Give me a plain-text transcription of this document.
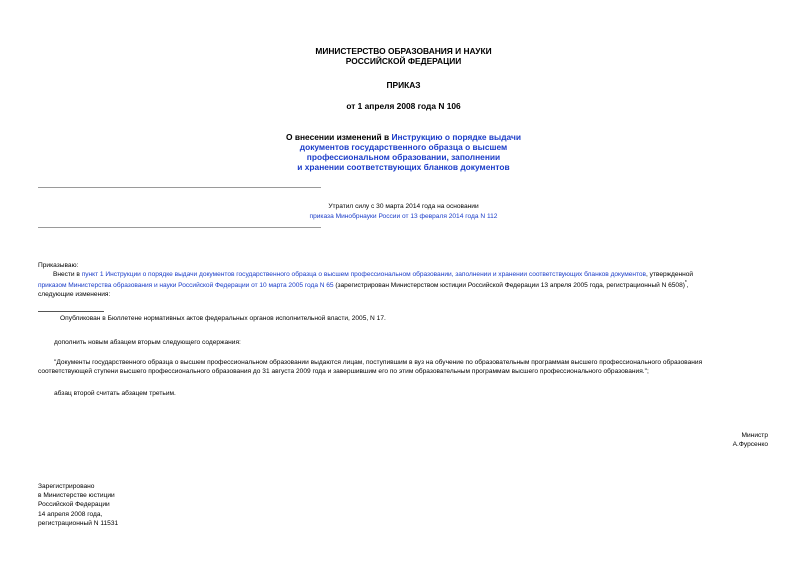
МИНИСТЕРСТВО ОБРАЗОВАНИЯ И НАУКИ
РОССИЙСКОЙ ФЕДЕРАЦИИ
ПРИКАЗ
от 1 апреля 2008 года N 106
О внесении изменений в Инструкцию о порядке выдачи
документов государственного образца о высшем
профессиональном образовании, заполнении
и хранении соответствующих бланков документов
Утратил силу с 30 марта 2014 года на основании
приказа Минобрнауки России от 13 февраля 2014 года N 112
Приказываю:
Внести в пункт 1 Инструкции о порядке выдачи документов государственного образца о высшем профессиональном образовании, заполнении и хранении соответствующих бланков документов, утвержденной
приказом Министерства образования и науки Российской Федерации от 10 марта 2005 года N 65 (зарегистрирован Министерством юстиции Российской Федерации 13 апреля 2005 года, регистрационный N 6508)*,
следующие изменения:
Опубликован в Бюллетене нормативных актов федеральных органов исполнительной власти, 2005, N 17.
дополнить новым абзацем вторым следующего содержания:
"Документы государственного образца о высшем профессиональном образовании выдаются лицам, поступившим в вуз на обучение по образовательным программам высшего профессионального образования
соответствующей ступени высшего профессионального образования до 31 августа 2009 года и завершившим его по этим образовательным программам высшего профессионального образования.";
абзац второй считать абзацем третьим.
Министр
А.Фурсенко
Зарегистрировано
в Министерстве юстиции
Российской Федерации
14 апреля 2008 года,
регистрационный N 11531
